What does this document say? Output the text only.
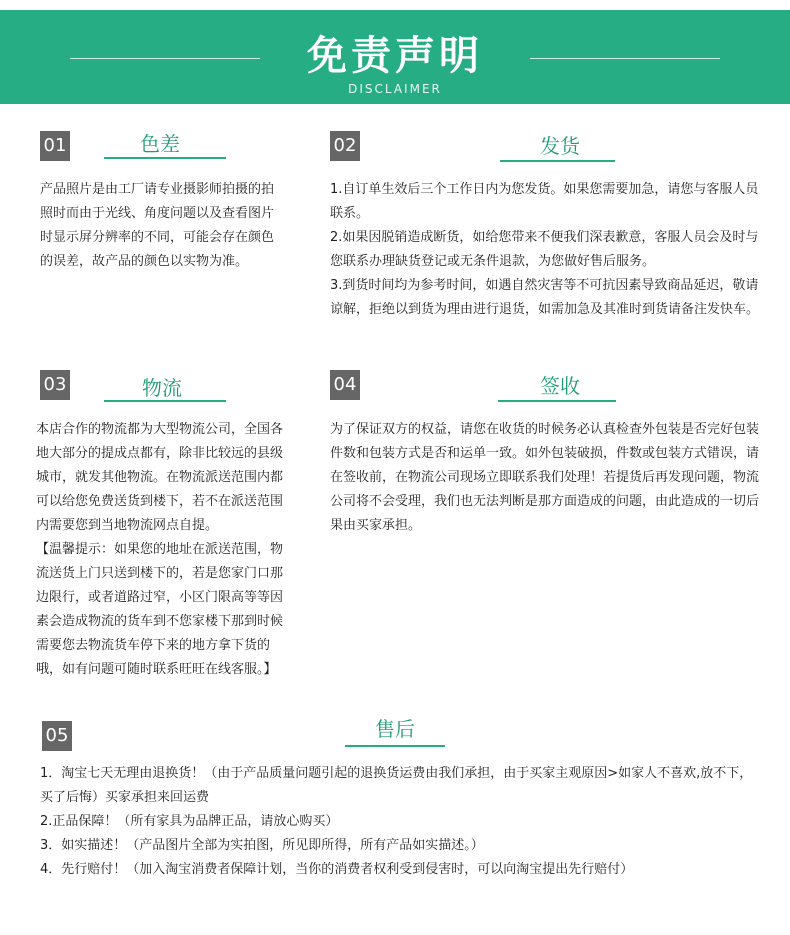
免责声明
DISCLAIMER
01	色差

产品照片是由工厂请专业摄影师拍摄的拍照时而由于光线、角度问题以及查看图片时显示屏分辨率的不同，可能会存在颜色的误差，故产品的颜色以实物为准。

02	发货

1.自订单生效后三个工作日内为您发货。如果您需要加急，请您与客服人员联系。

2.如果因脱销造成断货，如给您带来不便我们深表歉意，客服人员会及时与您联系办理缺货登记或无条件退款，为您做好售后服务。

3.到货时间均为参考时间，如遇自然灾害等不可抗因素导致商品延迟，敬请谅解，拒绝以到货为理由进行退货，如需加急及其准时到货请备注发快车。

03	物流

本店合作的物流都为大型物流公司，全国各地大部分的提成点都有，除非比较远的县级城市，就发其他物流。在物流派送范围内都可以给您免费送货到楼下，若不在派送范围内需要您到当地物流网点自提。

【温馨提示：如果您的地址在派送范围，物流送货上门只送到楼下的，若是您家门口那边限行，或者道路过窄，小区门限高等等因素会造成物流的货车到不您家楼下那到时候需要您去物流货车停下来的地方拿下货的哦，如有问题可随时联系旺旺在线客服。】

04	签收

为了保证双方的权益，请您在收货的时候务必认真检查外包装是否完好包装件数和包装方式是否和运单一致。如外包装破损，件数或包装方式错误，请在签收前，在物流公司现场立即联系我们处理！若提货后再发现问题，物流公司将不会受理，我们也无法判断是那方面造成的问题，由此造成的一切后果由买家承担。

05	售后

1．淘宝七天无理由退换货！（由于产品质量问题引起的退换货运费由我们承担，由于买家主观原因>如家人不喜欢,放不下，买了后悔）买家承担来回运费

2.正品保障！（所有家具为品牌正品，请放心购买）

3．如实描述！（产品图片全部为实拍图，所见即所得，所有产品如实描述。）

4．先行赔付！（加入淘宝消费者保障计划，当你的消费者权利受到侵害时，可以向淘宝提出先行赔付）
